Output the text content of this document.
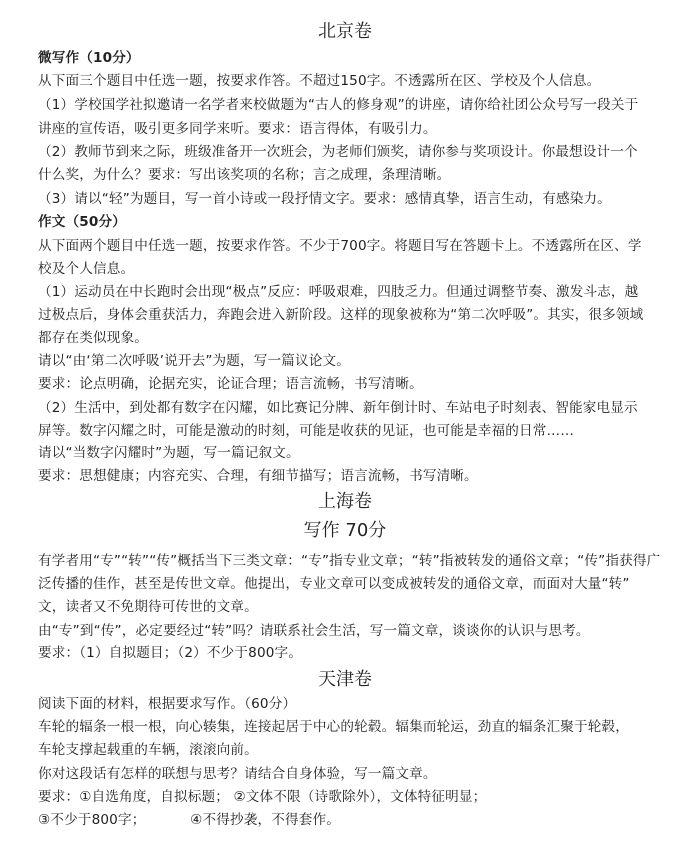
北京卷
微写作（10分）
从下面三个题目中任选一题，按要求作答。不超过150字。不透露所在区、学校及个人信息。
（1）学校国学社拟邀请一名学者来校做题为“古人的修身观”的讲座，请你给社团公众号写一段关于
讲座的宣传语，吸引更多同学来听。要求：语言得体，有吸引力。
（2）教师节到来之际，班级准备开一次班会，为老师们颁奖，请你参与奖项设计。你最想设计一个
什么奖，为什么？要求：写出该奖项的名称；言之成理，条理清晰。
（3）请以“轻”为题目，写一首小诗或一段抒情文字。要求：感情真挚，语言生动，有感染力。
作文（50分）
从下面两个题目中任选一题，按要求作答。不少于700字。将题目写在答题卡上。不透露所在区、学
校及个人信息。
（1）运动员在中长跑时会出现“极点”反应：呼吸艰难，四肢乏力。但通过调整节奏、激发斗志，越
过极点后，身体会重获活力，奔跑会进入新阶段。这样的现象被称为“第二次呼吸”。其实，很多领域
都存在类似现象。
请以“由‘第二次呼吸’说开去”为题，写一篇议论文。
要求：论点明确，论据充实，论证合理；语言流畅，书写清晰。
（2）生活中，到处都有数字在闪耀，如比赛记分牌、新年倒计时、车站电子时刻表、智能家电显示
屏等。数字闪耀之时，可能是激动的时刻，可能是收获的见证，也可能是幸福的日常……
请以“当数字闪耀时”为题，写一篇记叙文。
要求：思想健康；内容充实、合理，有细节描写；语言流畅，书写清晰。
上海卷
写作 70分
有学者用“专”“转”“传”概括当下三类文章：“专”指专业文章；“转”指被转发的通俗文章；“传”指获得广
泛传播的佳作，甚至是传世文章。他提出，专业文章可以变成被转发的通俗文章，而面对大量“转”
文，读者又不免期待可传世的文章。
由“专”到“传”，必定要经过“转”吗？请联系社会生活，写一篇文章，谈谈你的认识与思考。
要求：（1）自拟题目；（2）不少于800字。
天津卷
阅读下面的材料，根据要求写作。（60分）
车轮的辐条一根一根，向心辏集，连接起居于中心的轮毂。辐集而轮运，劲直的辐条汇聚于轮毂，
车轮支撑起载重的车辆，滚滚向前。
你对这段话有怎样的联想与思考？请结合自身体验，写一篇文章。
要求：①自选角度，自拟标题； ②文体不限（诗歌除外），文体特征明显；
③不少于800字；          ④不得抄袭，不得套作。
